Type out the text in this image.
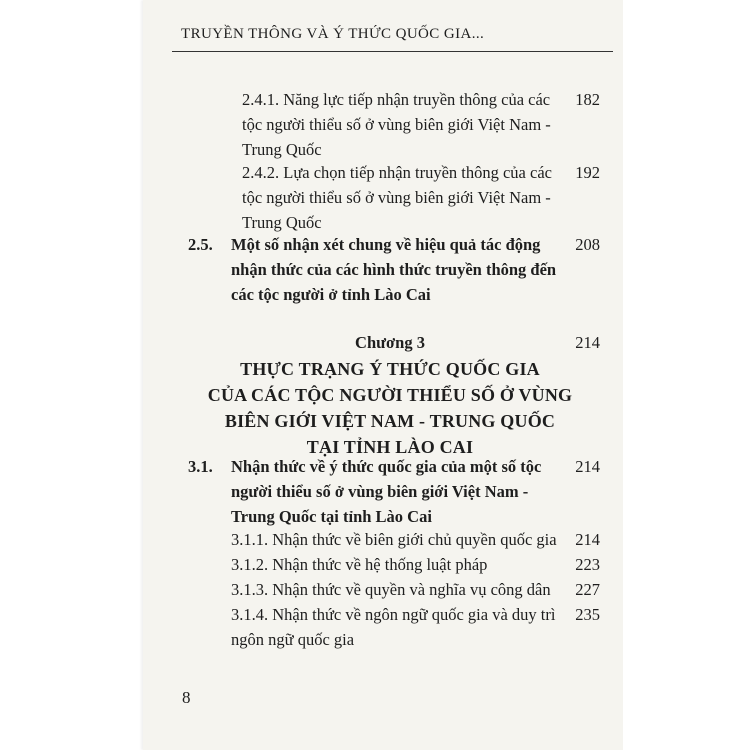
TRUYỀN THÔNG VÀ Ý THỨC QUỐC GIA...
2.4.1. Năng lực tiếp nhận truyền thông của các
tộc người thiểu số ở vùng biên giới Việt Nam -
Trung Quốc
182
2.4.2. Lựa chọn tiếp nhận truyền thông của các
tộc người thiểu số ở vùng biên giới Việt Nam -
Trung Quốc
192
2.5. Một số nhận xét chung về hiệu quả tác động
nhận thức của các hình thức truyền thông đến
các tộc người ở tỉnh Lào Cai
208
Chương 3	214
THỰC TRẠNG Ý THỨC QUỐC GIA
CỦA CÁC TỘC NGƯỜI THIỂU SỐ Ở VÙNG
BIÊN GIỚI VIỆT NAM - TRUNG QUỐC
TẠI TỈNH LÀO CAI
3.1. Nhận thức về ý thức quốc gia của một số tộc
người thiểu số ở vùng biên giới Việt Nam -
Trung Quốc tại tỉnh Lào Cai
214
3.1.1. Nhận thức về biên giới chủ quyền quốc gia	214
3.1.2. Nhận thức về hệ thống luật pháp	223
3.1.3. Nhận thức về quyền và nghĩa vụ công dân	227
3.1.4. Nhận thức về ngôn ngữ quốc gia và duy trì
ngôn ngữ quốc gia
235
8
